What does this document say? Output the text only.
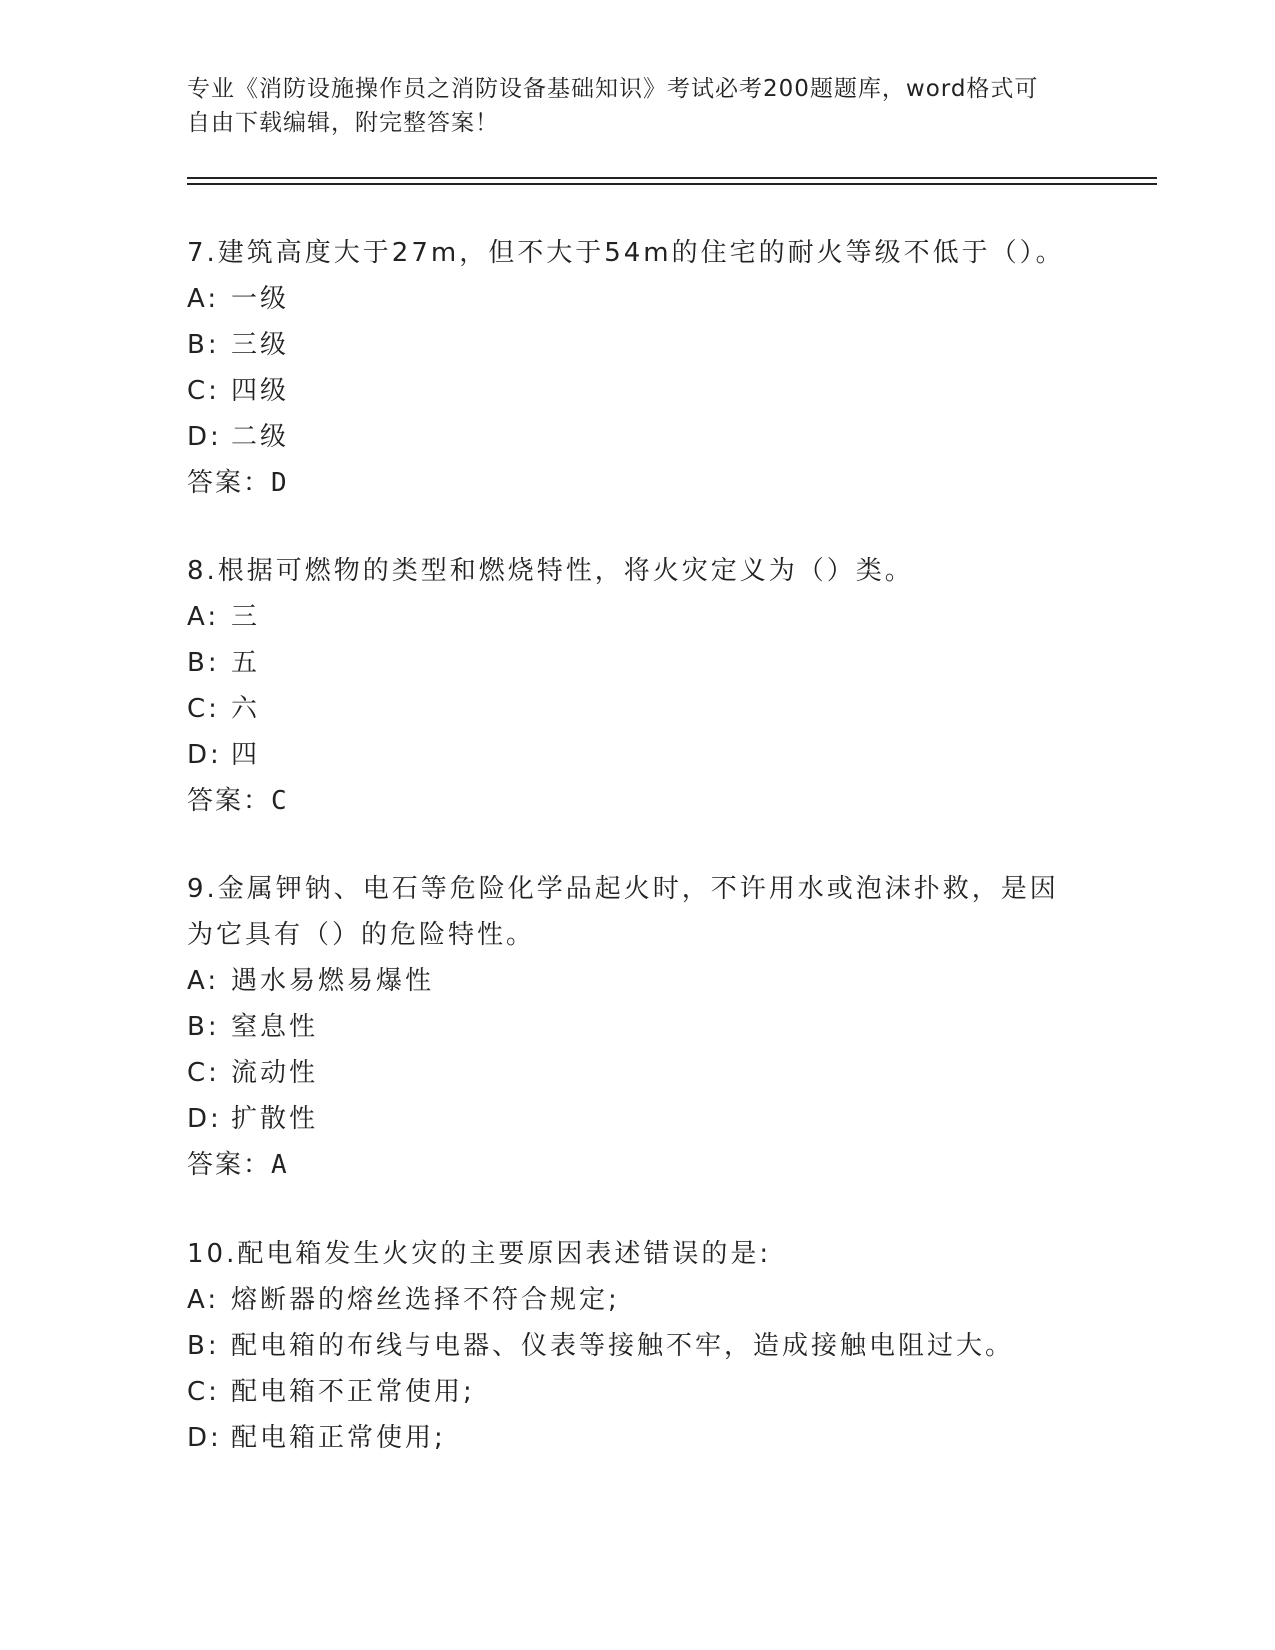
专业《消防设施操作员之消防设备基础知识》考试必考200题题库，word格式可
自由下载编辑，附完整答案！

7.建筑高度大于27m，但不大于54m的住宅的耐火等级不低于（）。

A: 一级
B: 三级
C: 四级
D: 二级
答案：D

8.根据可燃物的类型和燃烧特性，将火灾定义为（）类。

A: 三
B: 五
C: 六
D: 四
答案：C

9.金属钾钠、电石等危险化学品起火时，不许用水或泡沫扑救，是因为它具有（）的危险特性。

A: 遇水易燃易爆性
B: 窒息性
C: 流动性
D: 扩散性
答案：A

10.配电箱发生火灾的主要原因表述错误的是:

A: 熔断器的熔丝选择不符合规定;
B: 配电箱的布线与电器、仪表等接触不牢，造成接触电阻过大。
C: 配电箱不正常使用;
D: 配电箱正常使用;
